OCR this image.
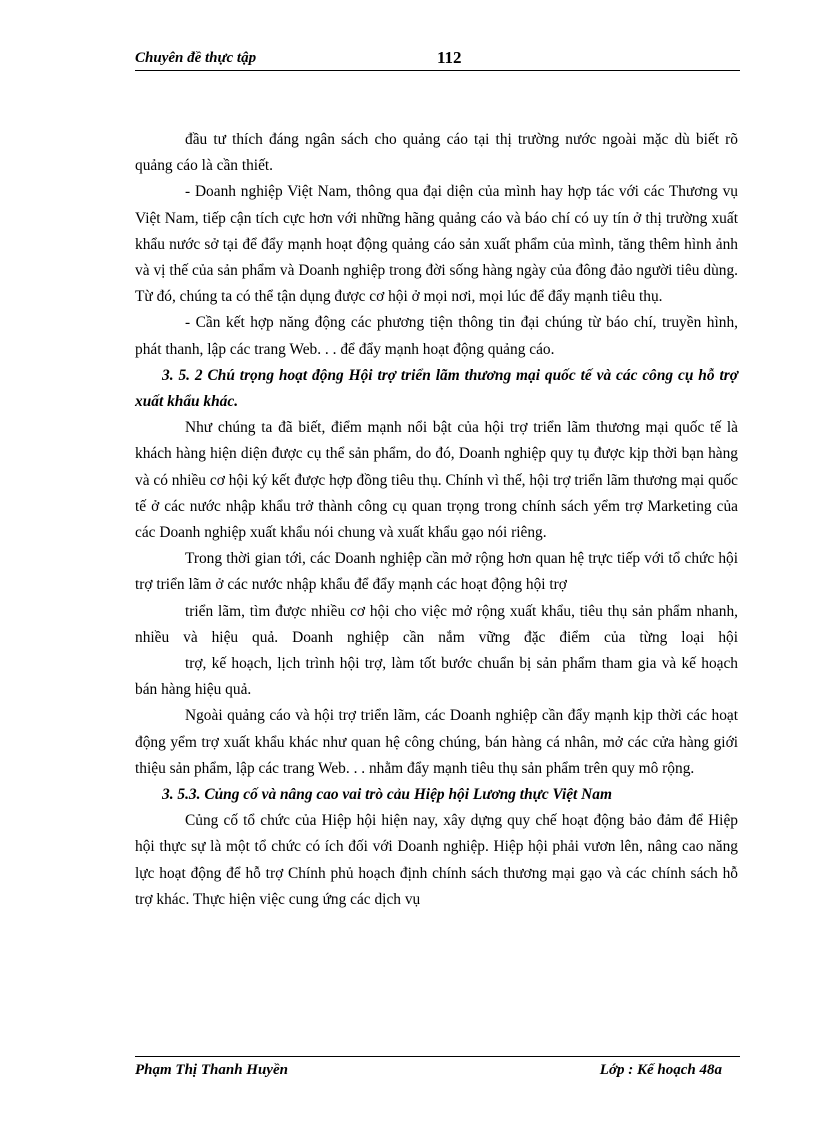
Chuyên đề thực tập	112

đầu tư thích đáng ngân sách cho quảng cáo tại thị trường nước ngoài mặc dù biết rõ quảng cáo là cần thiết.

- Doanh nghiệp Việt Nam, thông qua đại diện của mình hay hợp tác với các Thương vụ Việt Nam, tiếp cận tích cực hơn với những hãng quảng cáo và báo chí có uy tín ở thị trường xuất khẩu nước sở tại để đẩy mạnh hoạt động quảng cáo sản xuất phẩm của mình, tăng thêm hình ảnh và vị thế của sản phẩm và Doanh nghiệp trong đời sống hàng ngày của đông đảo người tiêu dùng. Từ đó, chúng ta có thể tận dụng được cơ hội ở mọi nơi, mọi lúc để đẩy mạnh tiêu thụ.

- Cần kết hợp năng động các phương tiện thông tin đại chúng từ báo chí, truyền hình, phát thanh, lập các trang Web. . . để đẩy mạnh hoạt động quảng cáo.

3. 5. 2 Chú trọng hoạt động Hội trợ triển lãm thương mại quốc tế và các công cụ hỗ trợ xuất khẩu khác.

Như chúng ta đã biết, điểm mạnh nổi bật của hội trợ triển lãm thương mại quốc tế là khách hàng hiện diện được cụ thể sản phẩm, do đó, Doanh nghiệp quy tụ được kịp thời bạn hàng và có nhiều cơ hội ký kết được hợp đồng tiêu thụ. Chính vì thế, hội trợ triển lãm thương mại quốc tế ở các nước nhập khẩu trở thành công cụ quan trọng trong chính sách yểm trợ Marketing của các Doanh nghiệp xuất khẩu nói chung và xuất khẩu gạo nói riêng.

Trong thời gian tới, các Doanh nghiệp cần mở rộng hơn quan hệ trực tiếp với tổ chức hội trợ triển lãm ở các nước nhập khẩu để đẩy mạnh các hoạt động hội trợ

triển lãm, tìm được nhiều cơ hội cho việc mở rộng xuất khẩu, tiêu thụ sản phẩm nhanh, nhiều và hiệu quả. Doanh nghiệp cần nắm vững đặc điểm của từng loại hội

trợ, kế hoạch, lịch trình hội trợ, làm tốt bước chuẩn bị sản phẩm tham gia và kế hoạch bán hàng hiệu quả.

Ngoài quảng cáo và hội trợ triển lãm, các Doanh nghiệp cần đẩy mạnh kịp thời các hoạt động yểm trợ xuất khẩu khác như quan hệ công chúng, bán hàng cá nhân, mở các cửa hàng giới thiệu sản phẩm, lập các trang Web. . . nhằm đẩy mạnh tiêu thụ sản phẩm trên quy mô rộng.

3. 5.3. Củng cố và nâng cao vai trò cảu Hiệp hội Lương thực Việt Nam

Củng cố tổ chức của Hiệp hội hiện nay, xây dựng quy chế hoạt động bảo đảm để Hiệp hội thực sự là một tổ chức có ích đối với Doanh nghiệp. Hiệp hội phải vươn lên, nâng cao năng lực hoạt động để hỗ trợ Chính phủ hoạch định chính sách thương mại gạo và các chính sách hỗ trợ khác. Thực hiện việc cung ứng các dịch vụ

Phạm Thị Thanh Huyền	Lớp : Kế hoạch 48a
